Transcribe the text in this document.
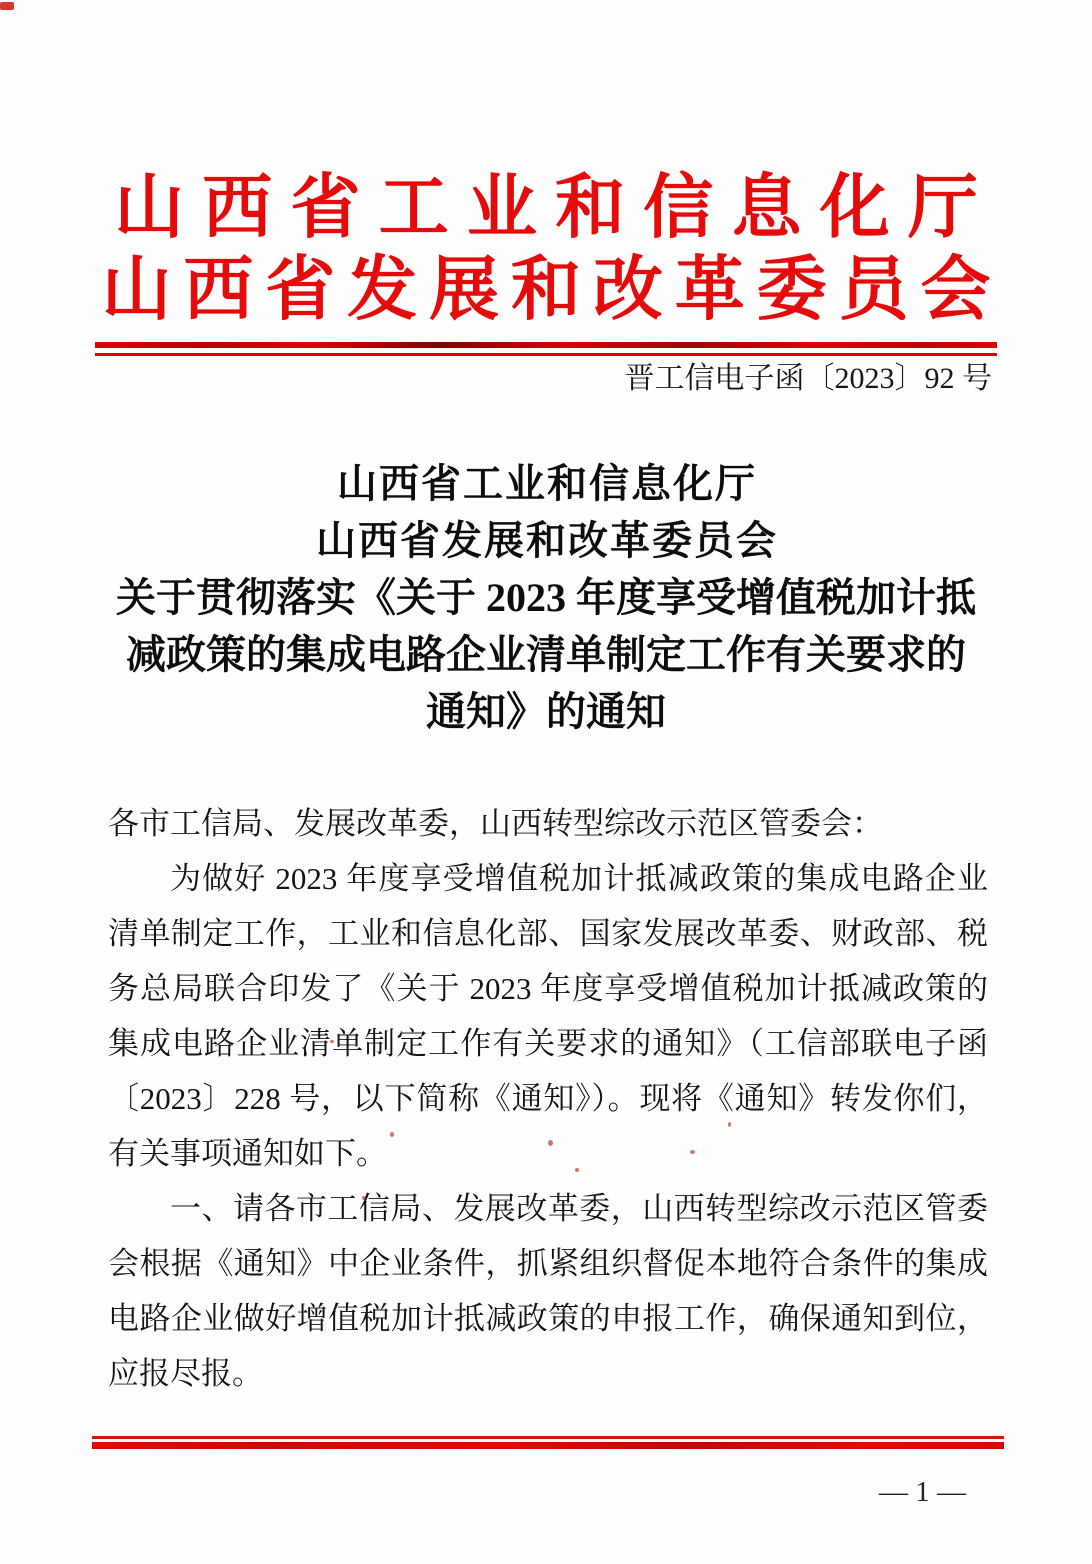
山西省工业和信息化厅
山西省发展和改革委员会
晋工信电子函〔2023〕92 号
山西省工业和信息化厅
山西省发展和改革委员会
关于贯彻落实《关于 2023 年度享受增值税加计抵
减政策的集成电路企业清单制定工作有关要求的
通知》的通知

各市工信局、发展改革委，山西转型综改示范区管委会：

为做好 2023 年度享受增值税加计抵减政策的集成电路企业清单制定工作，工业和信息化部、国家发展改革委、财政部、税务总局联合印发了《关于 2023 年度享受增值税加计抵减政策的集成电路企业清单制定工作有关要求的通知》（工信部联电子函〔2023〕228 号，以下简称《通知》）。现将《通知》转发你们，有关事项通知如下。

一、请各市工信局、发展改革委，山西转型综改示范区管委会根据《通知》中企业条件，抓紧组织督促本地符合条件的集成电路企业做好增值税加计抵减政策的申报工作，确保通知到位，应报尽报。

— 1 —
